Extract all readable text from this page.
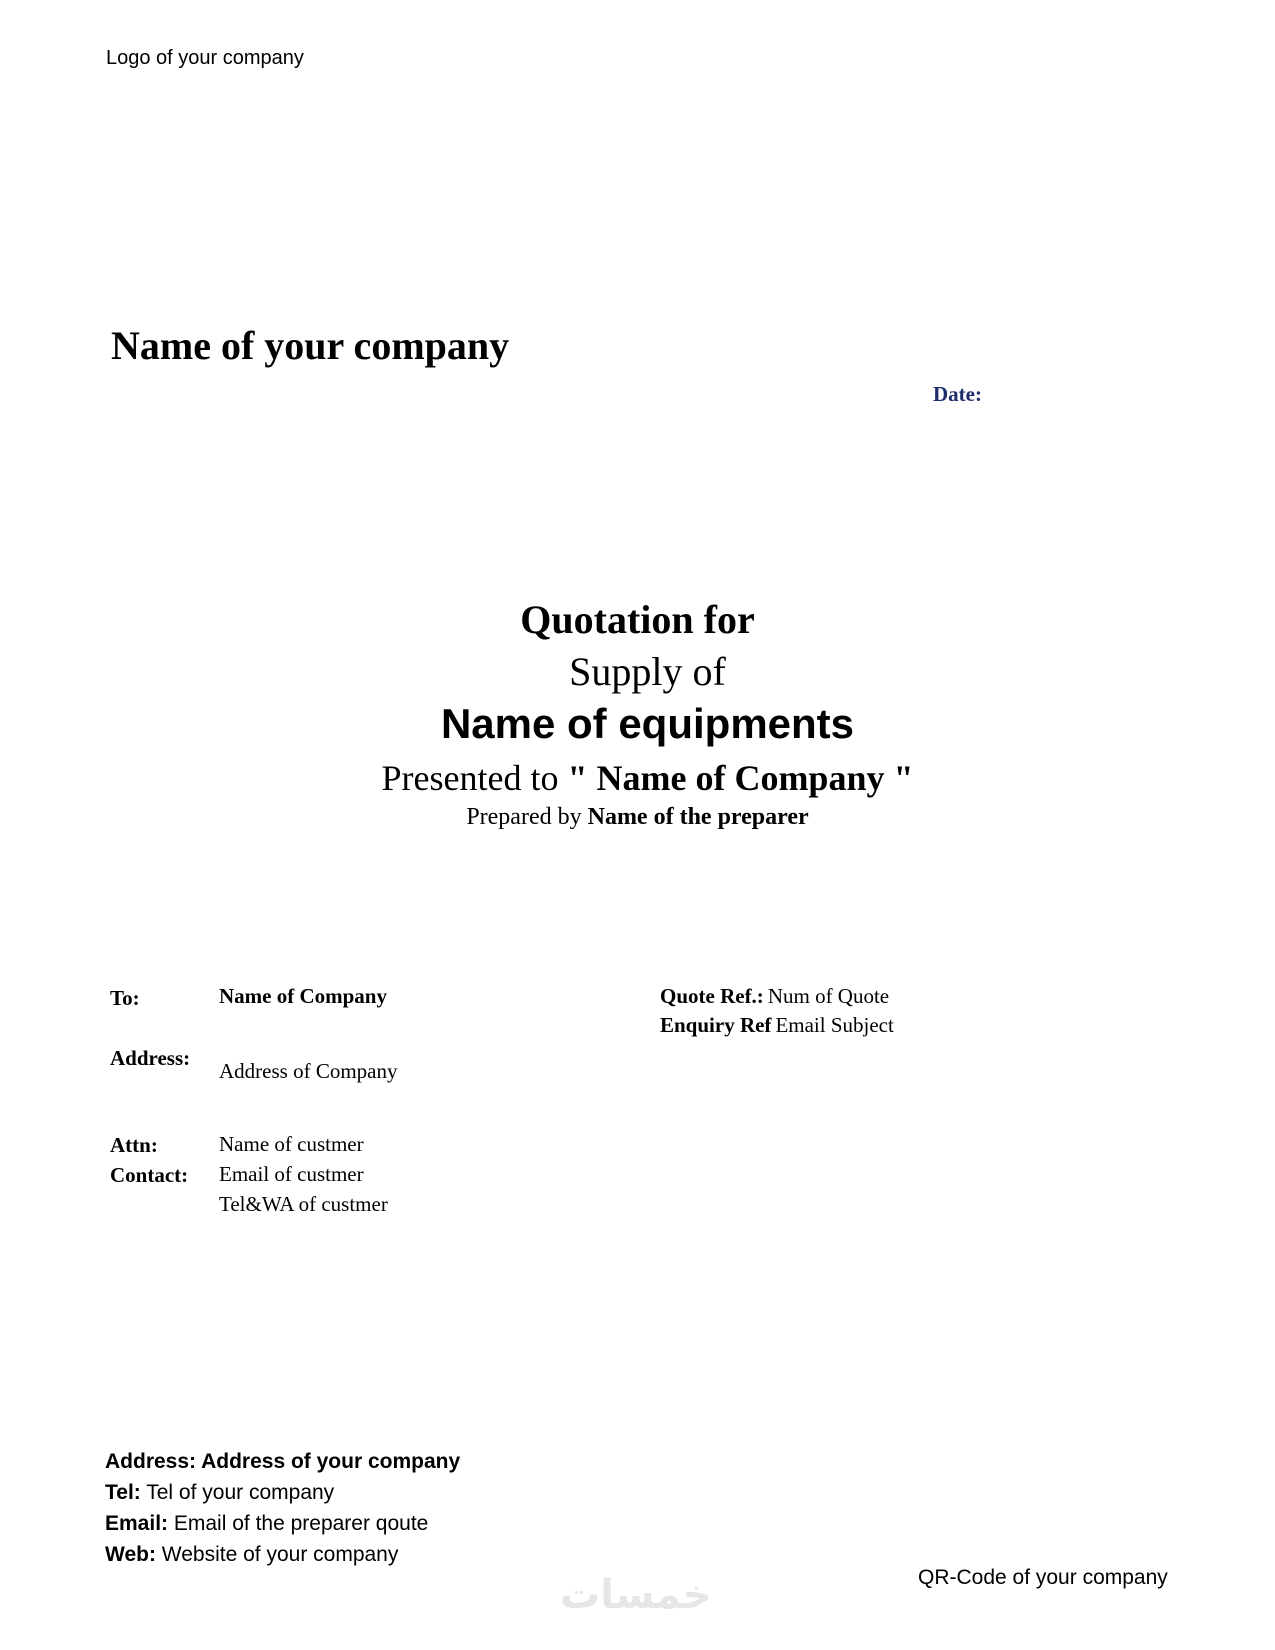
Logo of your company
Name of your company
Date:
Quotation for
Supply of
Name of equipments
Presented to " Name of Company "
Prepared by Name of the preparer
To:	Name of Company
Address:
Address of Company
Attn:	Name of custmer
Contact: Email of custmer
Tel&WA of custmer
Quote Ref.: Num of Quote
Enquiry Ref Email Subject
Address: Address of your company
Tel: Tel of your company
Email: Email of the preparer qoute
Web: Website of your company
QR-Code of your company
خمسات
